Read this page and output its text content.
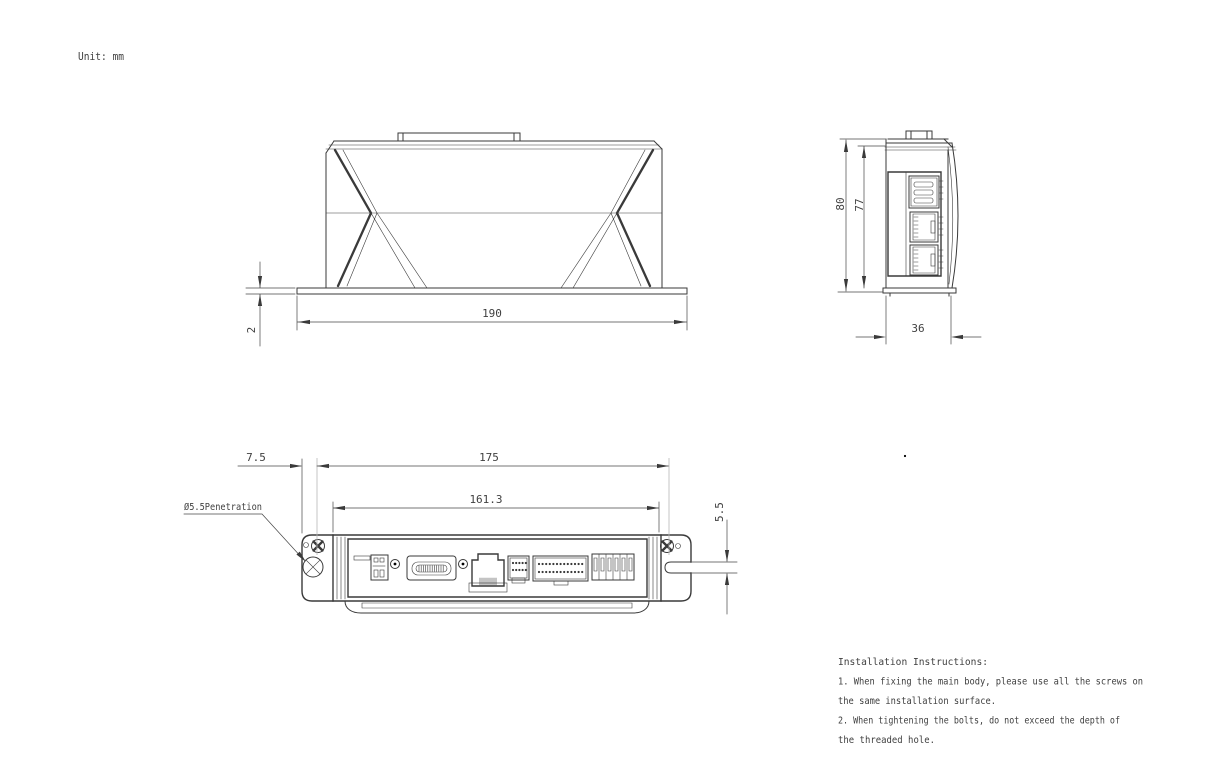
Unit: mm
190
2
80 77
36
7.5	175
161.3
5.5
Ø5.5Penetration
Installation Instructions:
1. When fixing the main body, please use all the screws on
the same installation surface.
2. When tightening the bolts, do not exceed the depth of
the threaded hole.
